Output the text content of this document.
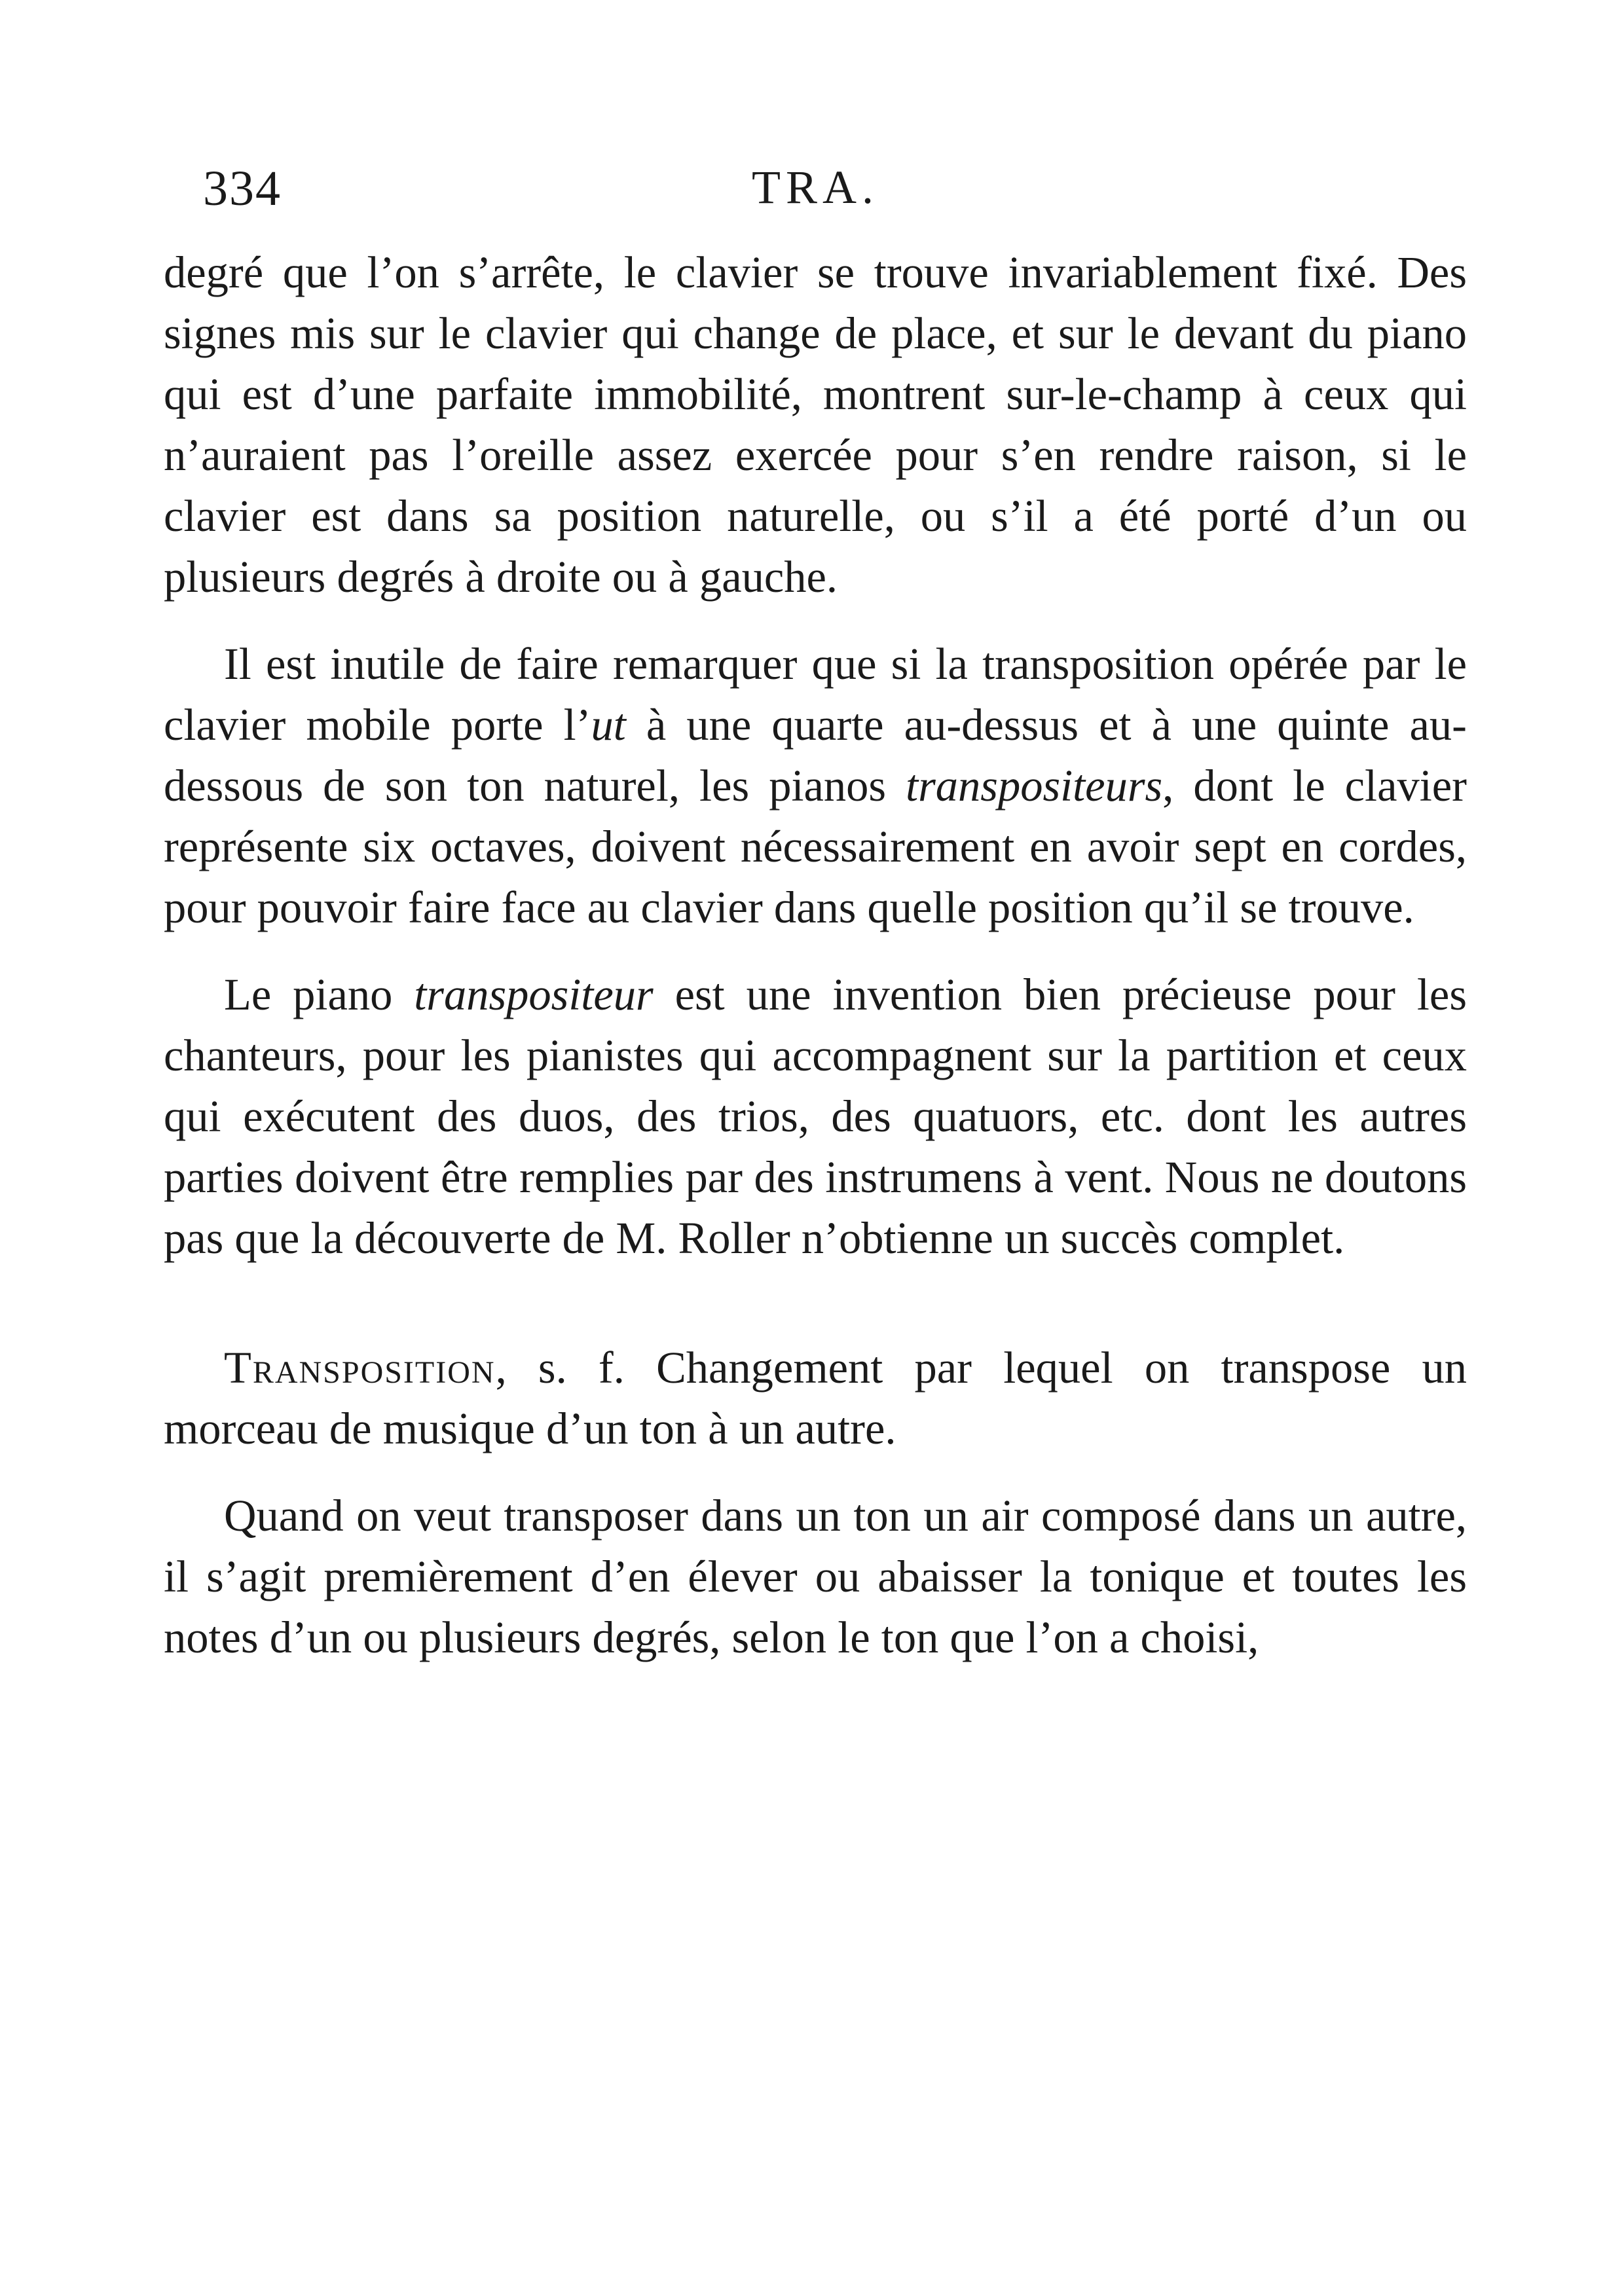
334	TRA.

degré que l’on s’arrête, le clavier se trouve invariablement fixé. Des signes mis sur le clavier qui change de place, et sur le devant du piano qui est d’une parfaite immobilité, montrent sur-le-champ à ceux qui n’auraient pas l’oreille assez exercée pour s’en rendre raison, si le clavier est dans sa position naturelle, ou s’il a été porté d’un ou plusieurs degrés à droite ou à gauche.

Il est inutile de faire remarquer que si la transposition opérée par le clavier mobile porte l’ut à une quarte au-dessus et à une quinte au-dessous de son ton naturel, les pianos transpositeurs, dont le clavier représente six octaves, doivent nécessairement en avoir sept en cordes, pour pouvoir faire face au clavier dans quelle position qu’il se trouve.

Le piano transpositeur est une invention bien précieuse pour les chanteurs, pour les pianistes qui accompagnent sur la partition et ceux qui exécutent des duos, des trios, des quatuors, etc. dont les autres parties doivent être remplies par des instrumens à vent. Nous ne doutons pas que la découverte de M. Roller n’obtienne un succès complet.

Transposition, s. f. Changement par lequel on transpose un morceau de musique d’un ton à un autre.

Quand on veut transposer dans un ton un air composé dans un autre, il s’agit premièrement d’en élever ou abaisser la tonique et toutes les notes d’un ou plusieurs degrés, selon le ton que l’on a choisi,
